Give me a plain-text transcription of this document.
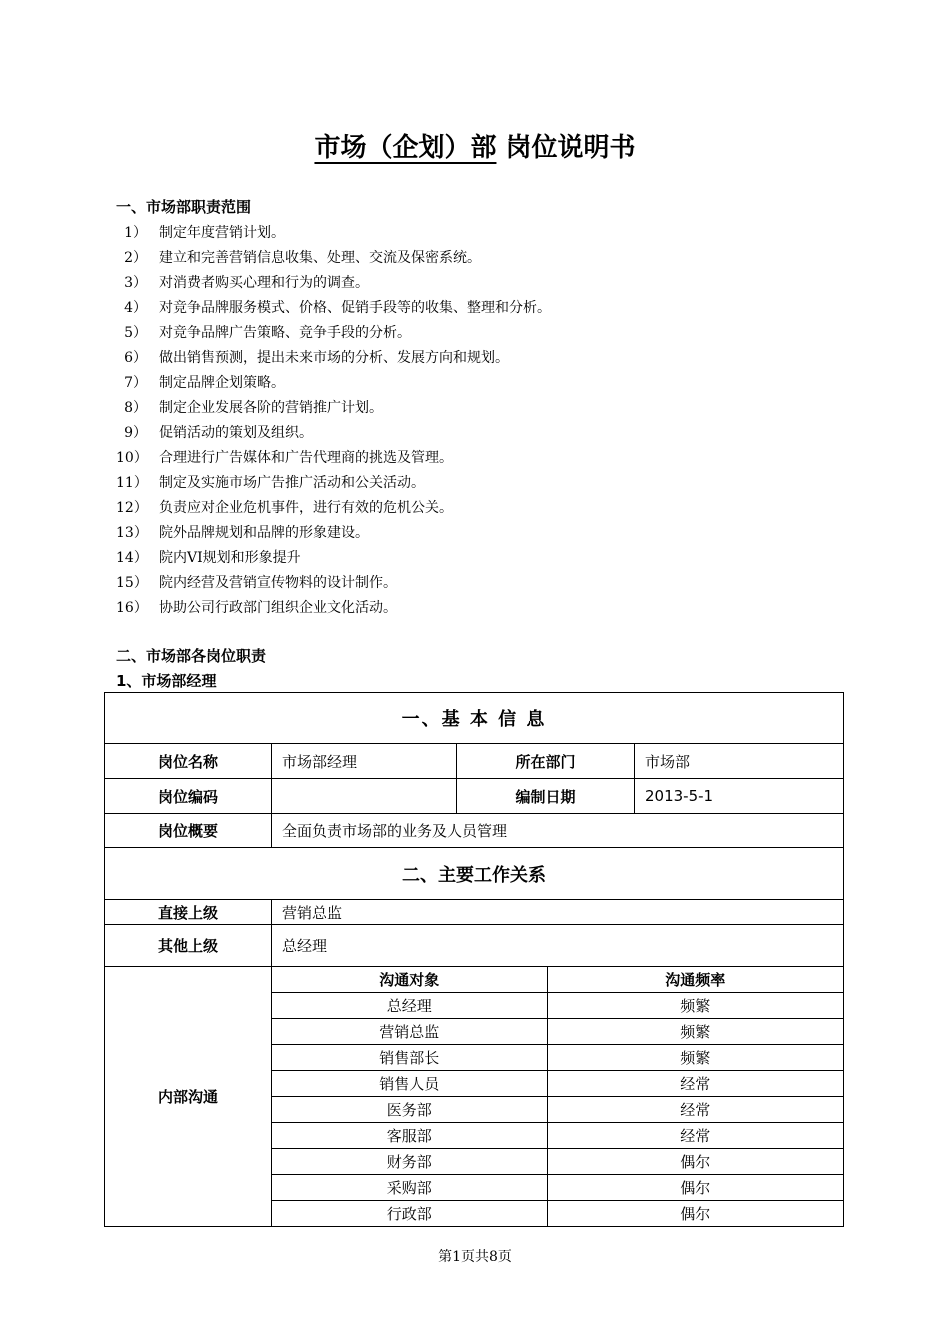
市场（企划）部 岗位说明书
一、市场部职责范围
1） 制定年度营销计划。
2） 建立和完善营销信息收集、处理、交流及保密系统。
3） 对消费者购买心理和行为的调查。
4） 对竞争品牌服务模式、价格、促销手段等的收集、整理和分析。
5） 对竞争品牌广告策略、竞争手段的分析。
6） 做出销售预测，提出未来市场的分析、发展方向和规划。
7） 制定品牌企划策略。
8） 制定企业发展各阶的营销推广计划。
9） 促销活动的策划及组织。
10） 合理进行广告媒体和广告代理商的挑选及管理。
11） 制定及实施市场广告推广活动和公关活动。
12） 负责应对企业危机事件，进行有效的危机公关。
13） 院外品牌规划和品牌的形象建设。
14） 院内VI规划和形象提升
15） 院内经营及营销宣传物料的设计制作。
16） 协助公司行政部门组织企业文化活动。
二、市场部各岗位职责
1、市场部经理
一、基 本 信 息
岗位名称	市场部经理	所在部门	市场部
岗位编码		编制日期	2013-5-1
岗位概要	全面负责市场部的业务及人员管理
二、主要工作关系
直接上级	营销总监
其他上级	总经理
内部沟通	
沟通对象	沟通频率
总经理	频繁
营销总监	频繁
销售部长	频繁
销售人员	经常
医务部	经常
客服部	经常
财务部	偶尔
采购部	偶尔
行政部	偶尔
第1页共8页
